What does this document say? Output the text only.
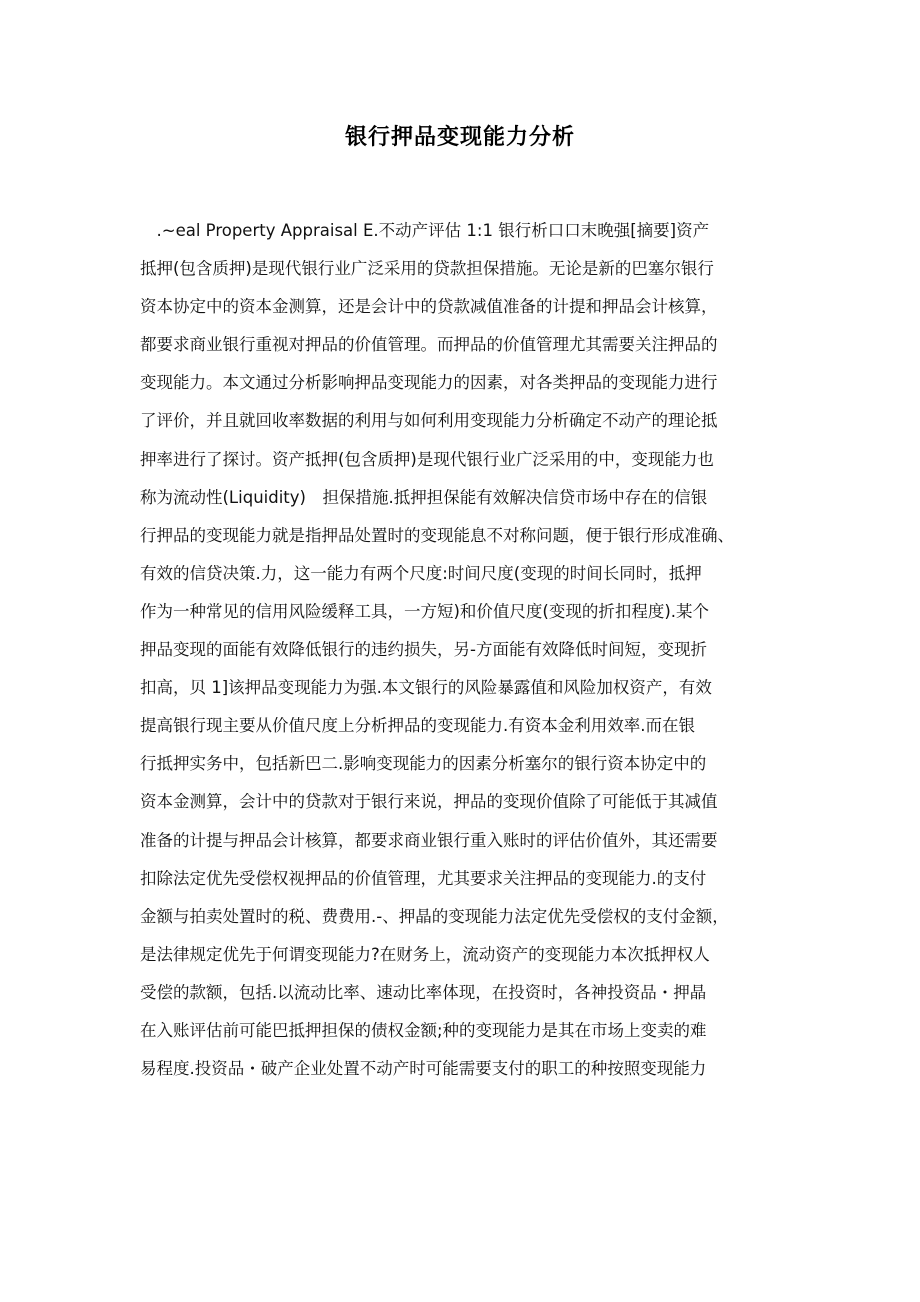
银行押品变现能力分析
　.~eal Property Appraisal E.不动产评估 1:1 银行析口口末晚强[摘要]资产
抵押(包含质押)是现代银行业广泛采用的贷款担保措施。无论是新的巴塞尔银行
资本协定中的资本金测算，还是会计中的贷款减值准备的计提和押品会计核算，
都要求商业银行重视对押品的价值管理。而押品的价值管理尤其需要关注押品的
变现能力。本文通过分析影响押品变现能力的因素，对各类押品的变现能力进行
了评价，并且就回收率数据的利用与如何利用变现能力分析确定不动产的理论抵
押率进行了探讨。资产抵押(包含质押)是现代银行业广泛采用的中，变现能力也
称为流动性(Liquidity)　担保措施.抵押担保能有效解决信贷市场中存在的信银
行押品的变现能力就是指押品处置时的变现能息不对称问题，便于银行形成准确、
有效的信贷决策.力，这一能力有两个尺度:时间尺度(变现的时间长同时，抵押
作为一种常见的信用风险缓释工具，一方短)和价值尺度(变现的折扣程度).某个
押品变现的面能有效降低银行的违约损失，另-方面能有效降低时间短，变现折
扣高，贝 1]该押品变现能力为强.本文银行的风险暴露值和风险加权资产，有效
提高银行现主要从价值尺度上分析押品的变现能力.有资本金利用效率.而在银
行抵押实务中，包括新巴二.影响变现能力的因素分析塞尔的银行资本协定中的
资本金测算，会计中的贷款对于银行来说，押品的变现价值除了可能低于其减值
准备的计提与押品会计核算，都要求商业银行重入账时的评估价值外，其还需要
扣除法定优先受偿权视押品的价值管理，尤其要求关注押品的变现能力.的支付
金额与拍卖处置时的税、费费用.-、押晶的变现能力法定优先受偿权的支付金额，
是法律规定优先于何谓变现能力?在财务上，流动资产的变现能力本次抵押权人
受偿的款额，包括.以流动比率、速动比率体现，在投资时，各神投资品・押晶
在入账评估前可能巴抵押担保的债权金额;种的变现能力是其在市场上变卖的难
易程度.投资品・破产企业处置不动产时可能需要支付的职工的种按照变现能力
